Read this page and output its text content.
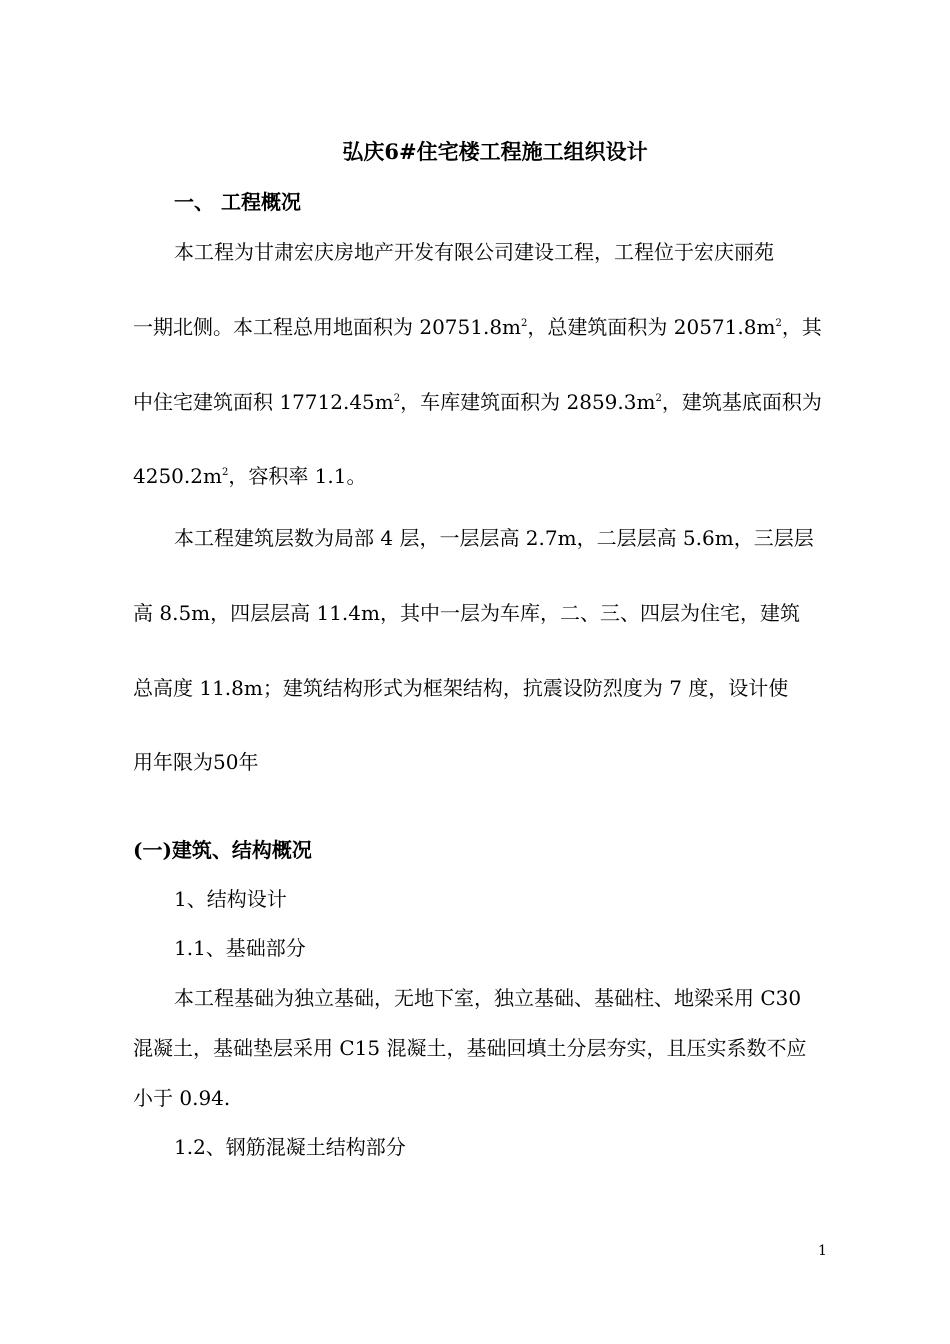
弘庆6#住宅楼工程施工组织设计
一、 工程概况
本工程为甘肃宏庆房地产开发有限公司建设工程，工程位于宏庆丽苑
一期北侧。本工程总用地面积为 $20751.8m^2$，总建筑面积为 $20571.8m^2$，其
中住宅建筑面积 $17712.45m^2$，车库建筑面积为 $2859.3m^2$，建筑基底面积为
$4250.2m^2$，容积率 1.1。
本工程建筑层数为局部 4 层，一层层高 2.7m，二层层高 5.6m，三层层
高 8.5m，四层层高 11.4m，其中一层为车库，二、三、四层为住宅，建筑
总高度 11.8m；建筑结构形式为框架结构，抗震设防烈度为 7 度，设计使
用年限为50年
(一)建筑、结构概况
1、结构设计
1.1、基础部分
本工程基础为独立基础，无地下室，独立基础、基础柱、地梁采用 C30
混凝土，基础垫层采用 C15 混凝土，基础回填土分层夯实，且压实系数不应
小于 0.94.
1.2、钢筋混凝土结构部分
1
